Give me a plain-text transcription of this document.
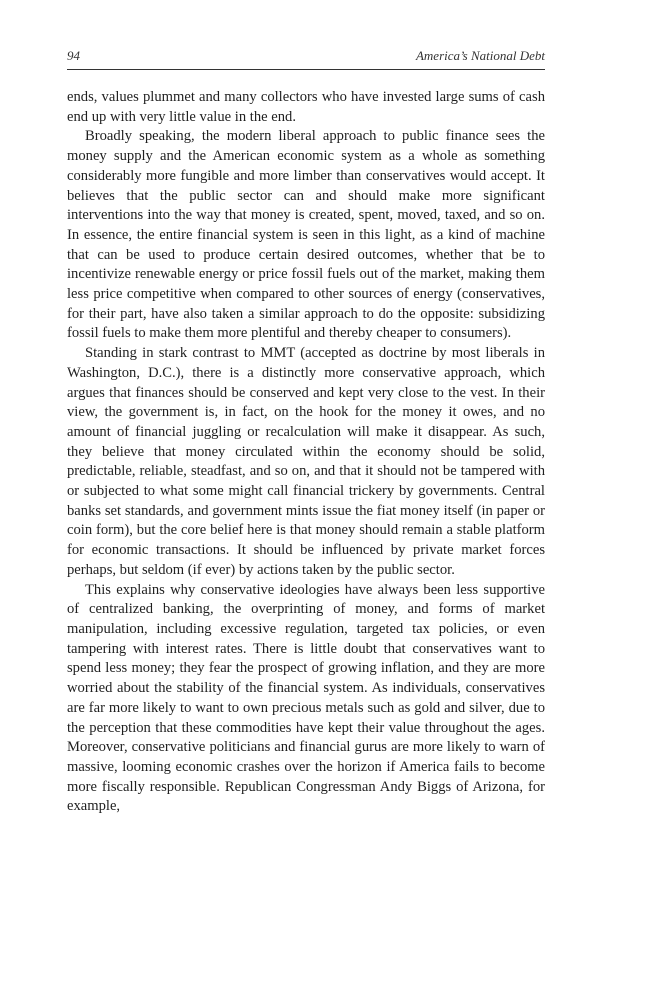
94	America’s National Debt

ends, values plummet and many collectors who have invested large sums of cash end up with very little value in the end.

Broadly speaking, the modern liberal approach to public finance sees the money supply and the American economic system as a whole as something considerably more fungible and more limber than conservatives would accept. It believes that the public sector can and should make more significant interventions into the way that money is created, spent, moved, taxed, and so on. In essence, the entire financial system is seen in this light, as a kind of machine that can be used to produce certain desired outcomes, whether that be to incentivize renewable energy or price fossil fuels out of the market, making them less price competitive when compared to other sources of energy (conservatives, for their part, have also taken a similar approach to do the opposite: subsidizing fossil fuels to make them more plentiful and thereby cheaper to consumers).

Standing in stark contrast to MMT (accepted as doctrine by most liberals in Washington, D.C.), there is a distinctly more conservative approach, which argues that finances should be conserved and kept very close to the vest. In their view, the government is, in fact, on the hook for the money it owes, and no amount of financial juggling or recalculation will make it disappear. As such, they believe that money circulated within the economy should be solid, predictable, reliable, steadfast, and so on, and that it should not be tampered with or subjected to what some might call financial trickery by governments. Central banks set standards, and government mints issue the fiat money itself (in paper or coin form), but the core belief here is that money should remain a stable platform for economic transactions. It should be influenced by private market forces perhaps, but seldom (if ever) by actions taken by the public sector.

This explains why conservative ideologies have always been less supportive of centralized banking, the overprinting of money, and forms of market manipulation, including excessive regulation, targeted tax policies, or even tampering with interest rates. There is little doubt that conservatives want to spend less money; they fear the prospect of growing inflation, and they are more worried about the stability of the financial system. As individuals, conservatives are far more likely to want to own precious metals such as gold and silver, due to the perception that these commodities have kept their value throughout the ages. Moreover, conservative politicians and financial gurus are more likely to warn of massive, looming economic crashes over the horizon if America fails to become more fiscally responsible. Republican Congressman Andy Biggs of Arizona, for example,
